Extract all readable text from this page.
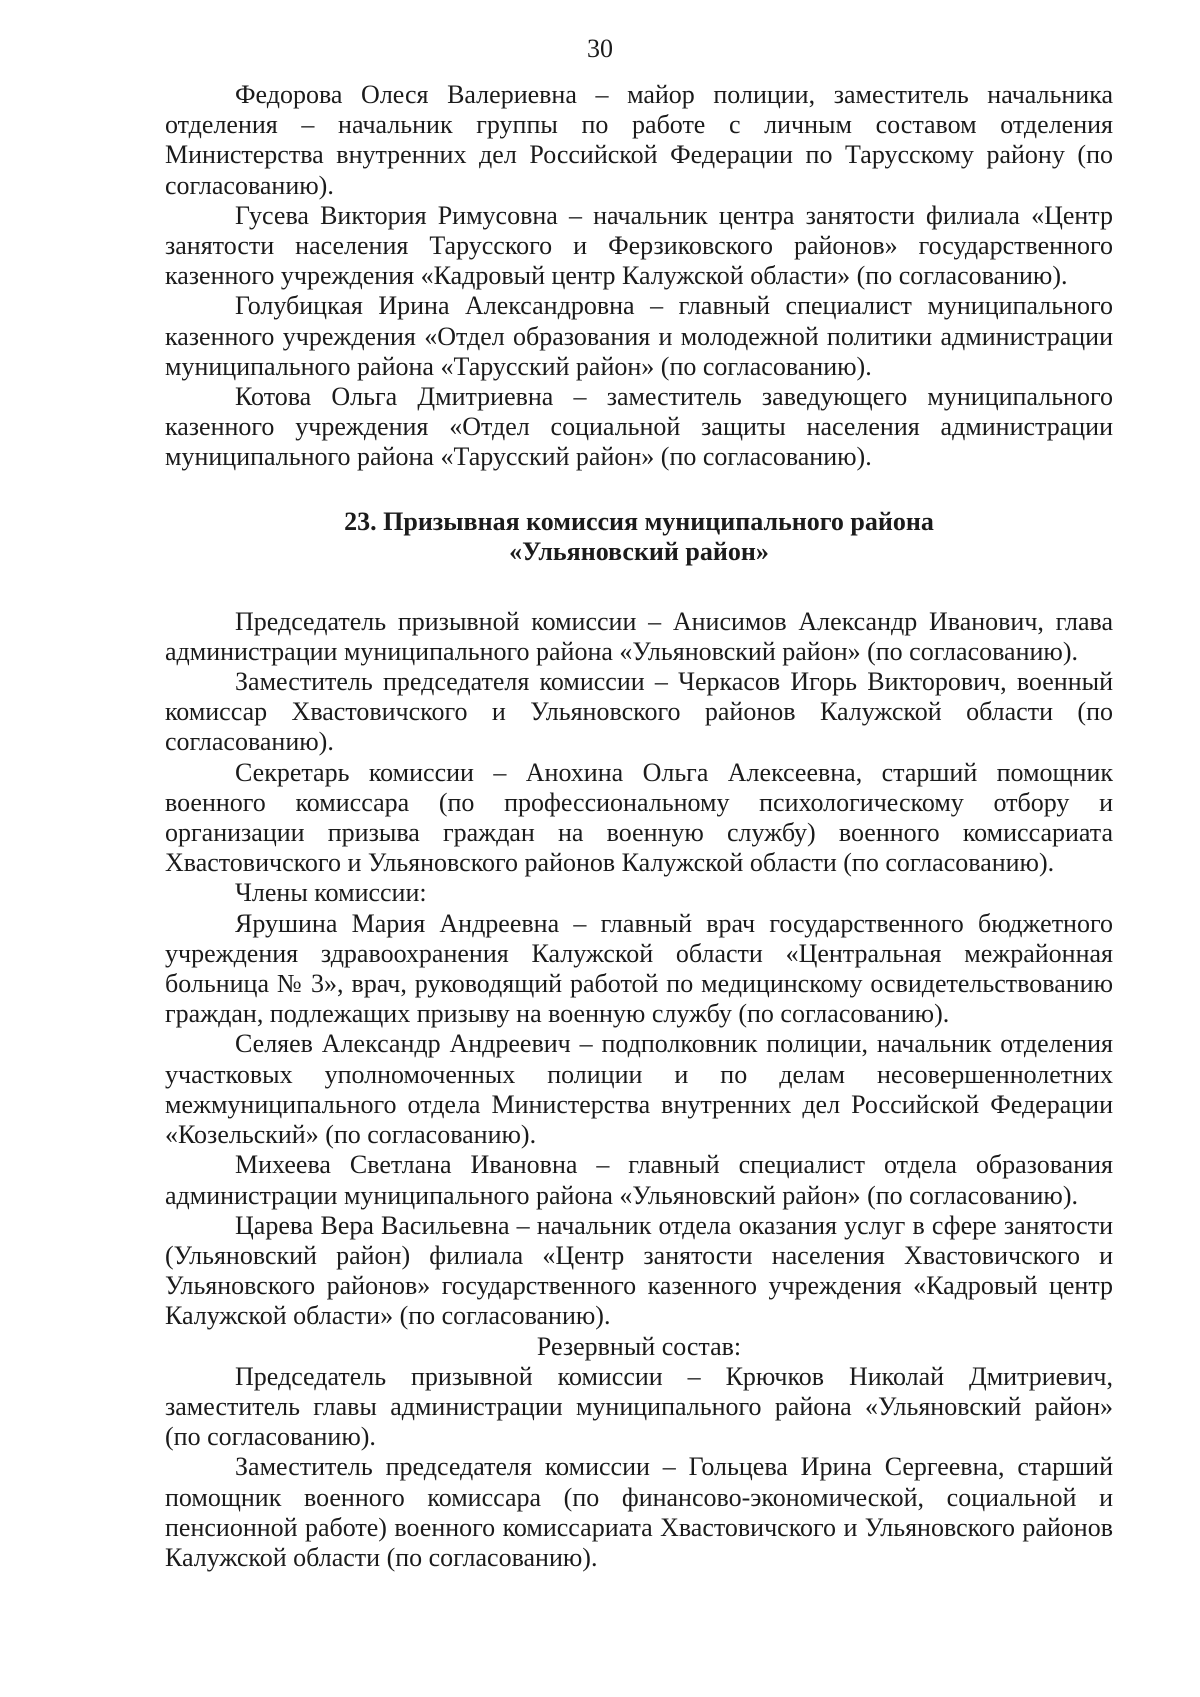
30

Федорова Олеся Валериевна – майор полиции, заместитель начальника отделения – начальник группы по работе с личным составом отделения Министерства внутренних дел Российской Федерации по Тарусскому району (по согласованию).

Гусева Виктория Римусовна – начальник центра занятости филиала «Центр занятости населения Тарусского и Ферзиковского районов» государственного казенного учреждения «Кадровый центр Калужской области» (по согласованию).

Голубицкая Ирина Александровна – главный специалист муниципального казенного учреждения «Отдел образования и молодежной политики администрации муниципального района «Тарусский район» (по согласованию).

Котова Ольга Дмитриевна – заместитель заведующего муниципального казенного учреждения «Отдел социальной защиты населения администрации муниципального района «Тарусский район» (по согласованию).

23. Призывная комиссия муниципального района
«Ульяновский район»

Председатель призывной комиссии – Анисимов Александр Иванович, глава администрации муниципального района «Ульяновский район» (по согласованию).

Заместитель председателя комиссии – Черкасов Игорь Викторович, военный комиссар Хвастовичского и Ульяновского районов Калужской области (по согласованию).

Секретарь комиссии – Анохина Ольга Алексеевна, старший помощник военного комиссара (по профессиональному психологическому отбору и организации призыва граждан на военную службу) военного комиссариата Хвастовичского и Ульяновского районов Калужской области (по согласованию).

Члены комиссии:

Ярушина Мария Андреевна – главный врач государственного бюджетного учреждения здравоохранения Калужской области «Центральная межрайонная больница № 3», врач, руководящий работой по медицинскому освидетельствованию граждан, подлежащих призыву на военную службу (по согласованию).

Селяев Александр Андреевич – подполковник полиции, начальник отделения участковых уполномоченных полиции и по делам несовершеннолетних межмуниципального отдела Министерства внутренних дел Российской Федерации «Козельский» (по согласованию).

Михеева Светлана Ивановна – главный специалист отдела образования администрации муниципального района «Ульяновский район» (по согласованию).

Царева Вера Васильевна – начальник отдела оказания услуг в сфере занятости (Ульяновский район) филиала «Центр занятости населения Хвастовичского и Ульяновского районов» государственного казенного учреждения «Кадровый центр Калужской области» (по согласованию).

Резервный состав:

Председатель призывной комиссии – Крючков Николай Дмитриевич, заместитель главы администрации муниципального района «Ульяновский район» (по согласованию).

Заместитель председателя комиссии – Гольцева Ирина Сергеевна, старший помощник военного комиссара (по финансово-экономической, социальной и пенсионной работе) военного комиссариата Хвастовичского и Ульяновского районов Калужской области (по согласованию).
